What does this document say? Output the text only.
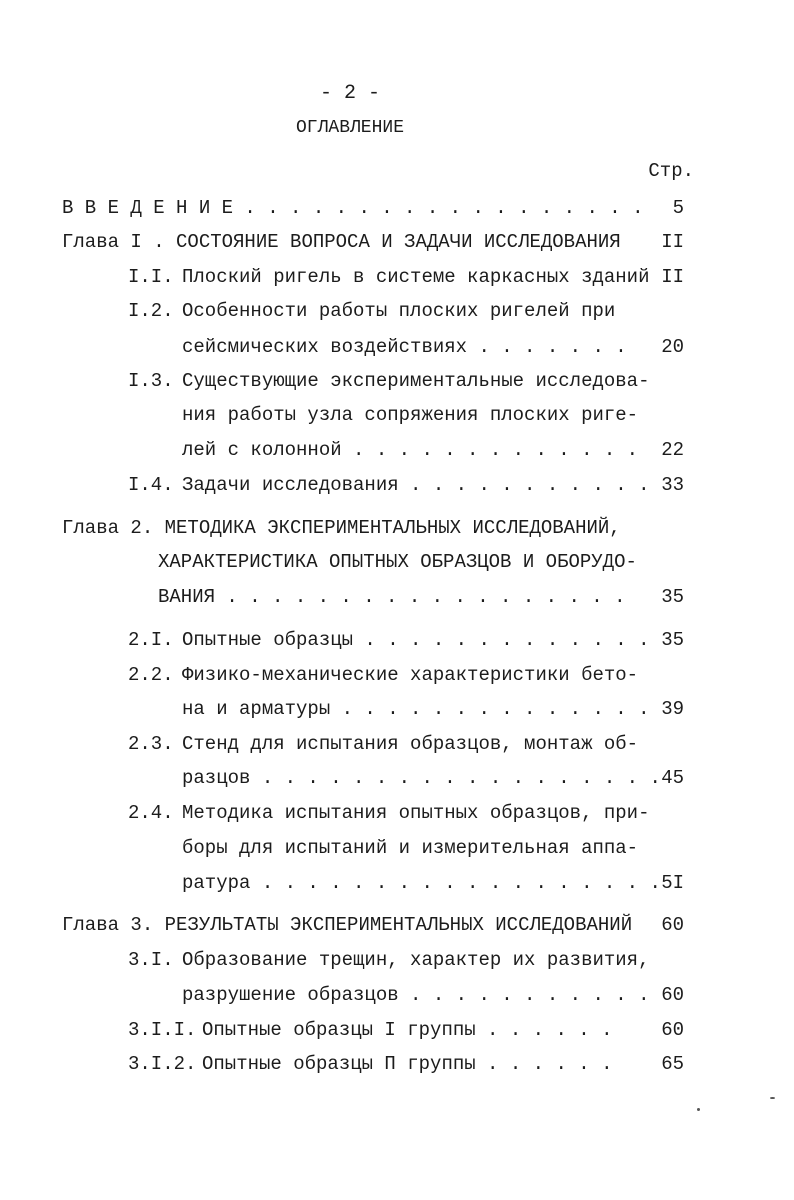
- 2 -
ОГЛАВЛЕНИЕ
Стр.
В В Е Д Е Н И Е . . . . . . . . . . . . . . . . . . 5
Глава I . СОСТОЯНИЕ ВОПРОСА И ЗАДАЧИ ИССЛЕДОВАНИЯ II
I.I. Плоский ригель в системе каркасных зданий II
I.2. Особенности работы плоских ригелей при
сейсмических воздействиях . . . . . . . 20
I.3. Существующие экспериментальные исследова-
ния работы узла сопряжения плоских риге-
лей с колонной . . . . . . . . . . . . . 22
I.4. Задачи исследования . . . . . . . . . . . 33
Глава 2. МЕТОДИКА ЭКСПЕРИМЕНТАЛЬНЫХ ИССЛЕДОВАНИЙ,
ХАРАКТЕРИСТИКА ОПЫТНЫХ ОБРАЗЦОВ И ОБОРУДО-
ВАНИЯ . . . . . . . . . . . . . . . . . . 35
2.I. Опытные образцы . . . . . . . . . . . . . 35
2.2. Физико-механические характеристики бето-
на и арматуры . . . . . . . . . . . . . . 39
2.3. Стенд для испытания образцов, монтаж об-
разцов . . . . . . . . . . . . . . . . . . 45
2.4. Методика испытания опытных образцов, при-
боры для испытаний и измерительная аппа-
ратура . . . . . . . . . . . . . . . . . . 5I
Глава 3. РЕЗУЛЬТАТЫ ЭКСПЕРИМЕНТАЛЬНЫХ ИССЛЕДОВАНИЙ 60
3.I. Образование трещин, характер их развития,
разрушение образцов . . . . . . . . . . . 60
3.I.I. Опытные образцы I группы . . . . . .	60
3.I.2. Опытные образцы П группы . . . . . .	65
